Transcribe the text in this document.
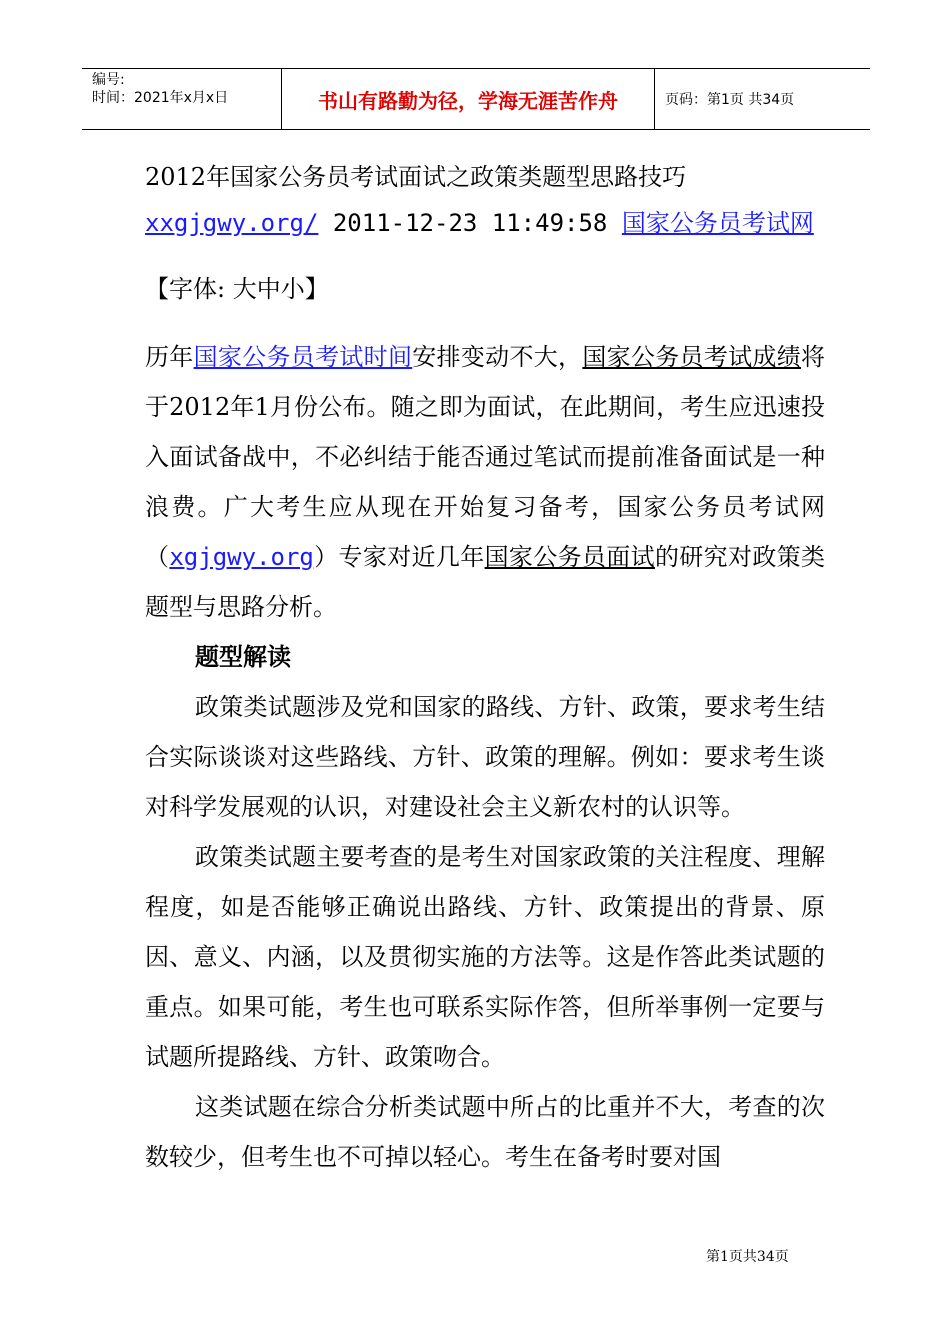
编号:
时间：2021年x月x日	书山有路勤为径，学海无涯苦作舟	页码：第1页 共34页
2012年国家公务员考试面试之政策类题型思路技巧
xxgjgwy.org/ 2011-12-23 11:49:58 国家公务员考试网
【字体: 大中小】

历年国家公务员考试时间安排变动不大，国家公务员考试成绩将于2012年1月份公布。随之即为面试，在此期间，考生应迅速投入面试备战中，不必纠结于能否通过笔试而提前准备面试是一种浪费。广大考生应从现在开始复习备考，国家公务员考试网（xgjgwy.org）专家对近几年国家公务员面试的研究对政策类题型与思路分析。

题型解读

政策类试题涉及党和国家的路线、方针、政策，要求考生结合实际谈谈对这些路线、方针、政策的理解。例如：要求考生谈对科学发展观的认识，对建设社会主义新农村的认识等。

政策类试题主要考查的是考生对国家政策的关注程度、理解程度，如是否能够正确说出路线、方针、政策提出的背景、原因、意义、内涵，以及贯彻实施的方法等。这是作答此类试题的重点。如果可能，考生也可联系实际作答，但所举事例一定要与试题所提路线、方针、政策吻合。

这类试题在综合分析类试题中所占的比重并不大，考查的次数较少，但考生也不可掉以轻心。考生在备考时要对国

第1页共34页
